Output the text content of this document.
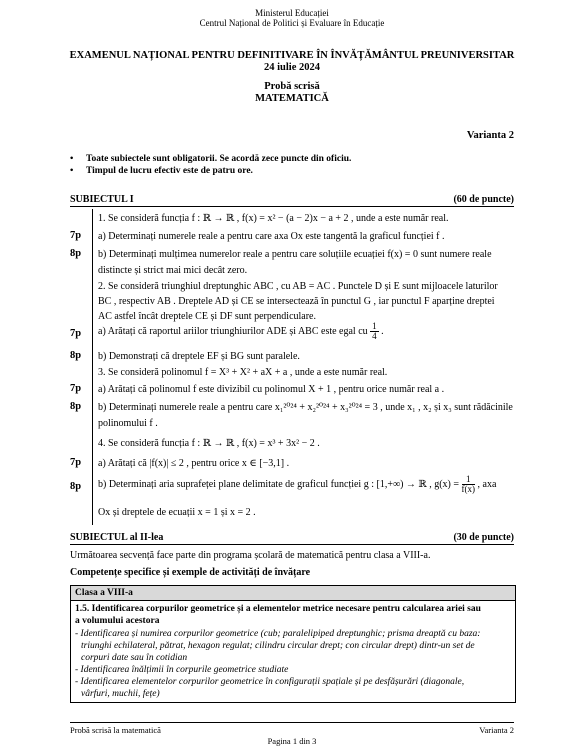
Ministerul Educației
Centrul Național de Politici și Evaluare în Educație
EXAMENUL NAȚIONAL PENTRU DEFINITIVARE ÎN ÎNVĂȚĂMÂNTUL PREUNIVERSITAR
24 iulie 2024
Probă scrisă
MATEMATICĂ
Varianta 2
• Toate subiectele sunt obligatorii. Se acordă zece puncte din oficiu.
• Timpul de lucru efectiv este de patru ore.
SUBIECTUL I	(60 de puncte)
1. Se consideră funcția f : ℝ → ℝ , f(x) = x² − (a − 2)x − a + 2 , unde a este număr real.
7p a) Determinați numerele reale a pentru care axa Ox este tangentă la graficul funcției f .
8p b) Determinați mulțimea numerelor reale a pentru care soluțiile ecuației f(x) = 0 sunt numere reale
distincte și strict mai mici decât zero.
2. Se consideră triunghiul dreptunghic ABC , cu AB = AC . Punctele D și E sunt mijloacele laturilor
BC , respectiv AB . Dreptele AD și CE se intersectează în punctul G , iar punctul F aparține dreptei
AC astfel încât dreptele CE și DF sunt perpendiculare.
7p a) Arătați că raportul ariilor triunghiurilor ADE și ABC este egal cu $\frac{1}{4}$ .
8p b) Demonstrați că dreptele EF și BG sunt paralele.
3. Se consideră polinomul f = X³ + X² + aX + a , unde a este număr real.
7p a) Arătați că polinomul f este divizibil cu polinomul X + 1 , pentru orice număr real a .
8p b) Determinați numerele reale a pentru care x₁²⁰²⁴ + x₂²⁰²⁴ + x₃²⁰²⁴ = 3 , unde x₁ , x₂ și x₃ sunt rădăcinile
polinomului f .
4. Se consideră funcția f : ℝ → ℝ , f(x) = x³ + 3x² − 2 .
7p a) Arătați că |f(x)| ≤ 2 , pentru orice x ∈ [−3,1] .
8p b) Determinați aria suprafeței plane delimitate de graficul funcției g : [1,+∞) → ℝ , $g(x) = \frac{1}{f(x)}$ , axa
Ox și dreptele de ecuații x = 1 și x = 2 .
SUBIECTUL al II-lea	(30 de puncte)
Următoarea secvență face parte din programa școlară de matematică pentru clasa a VIII-a.
Competențe specifice și exemple de activități de învățare
Clasa a VIII-a
1.5. Identificarea corpurilor geometrice și a elementelor metrice necesare pentru calcularea ariei sau
a volumului acestora
- Identificarea și numirea corpurilor geometrice (cub; paralelipiped dreptunghic; prisma dreaptă cu baza:
triunghi echilateral, pătrat, hexagon regulat; cilindru circular drept; con circular drept) dintr-un set de
corpuri date sau în cotidian
- Identificarea înălțimii în corpurile geometrice studiate
- Identificarea elementelor corpurilor geometrice în configurații spațiale și pe desfășurări (diagonale,
vârfuri, muchii, fețe)
Probă scrisă la matematică	Varianta 2
Pagina 1 din 3
